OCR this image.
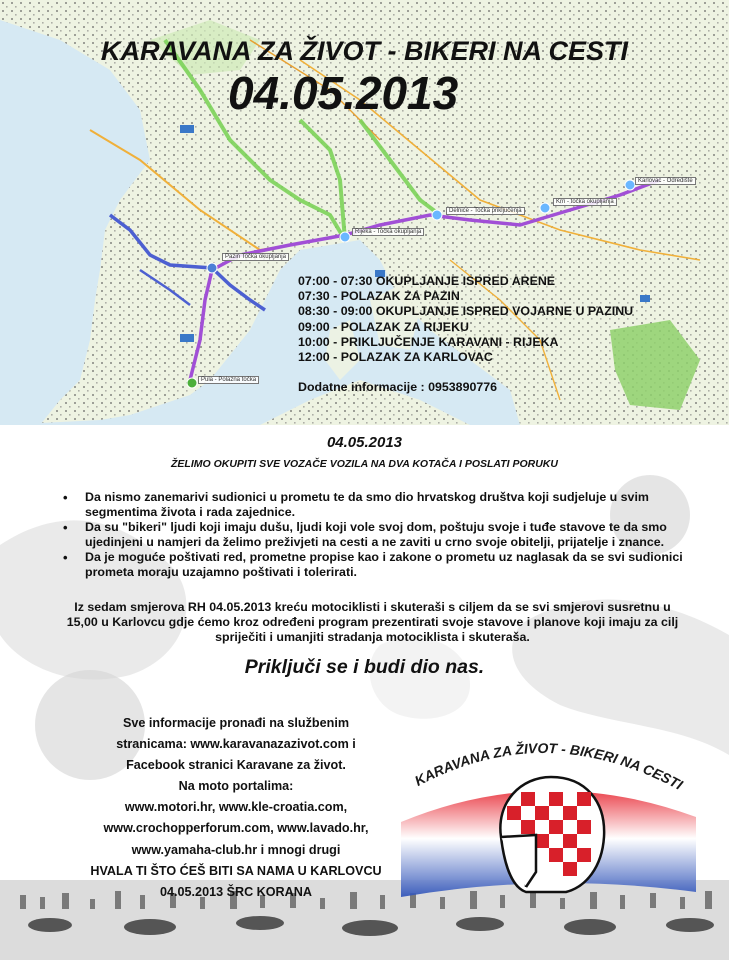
Karlovac - Odredište
Krn - točka okupljanja
Delnice - Točka priključenja
Rijeka - Točka okupljanja
Pazin Točka okupljanja
Pula - Polazna točka
KARAVANA ZA ŽIVOT - BIKERI NA CESTI
04.05.2013
07:00 - 07:30 OKUPLJANJE ISPRED ARENE
07:30 - POLAZAK ZA PAZIN
08:30 - 09:00 OKUPLJANJE ISPRED VOJARNE U PAZINU
09:00 - POLAZAK ZA RIJEKU
10:00 - PRIKLJUČENJE KARAVANI - RIJEKA
12:00 - POLAZAK ZA KARLOVAC
Dodatne informacije : 0953890776
04.05.2013
ŽELIMO OKUPITI SVE VOZAČE VOZILA NA DVA KOTAČA I POSLATI PORUKU
• Da nismo zanemarivi sudionici u prometu te da smo dio hrvatskog društva koji sudjeluje u svim segmentima života i rada zajednice.
• Da su "bikeri" ljudi koji imaju dušu, ljudi koji vole svoj dom, poštuju svoje i tuđe stavove te da smo ujedinjeni u namjeri da želimo preživjeti na cesti a ne zaviti u crno svoje obitelji, prijatelje i znance.
• Da je moguće poštivati red, prometne propise kao i zakone o prometu uz naglasak da se svi sudionici prometa moraju uzajamno poštivati i tolerirati.
Iz sedam smjerova RH 04.05.2013 kreću motociklisti i skuteraši s ciljem da se svi smjerovi susretnu u 15,00 u Karlovcu gdje ćemo kroz određeni program prezentirati svoje stavove i planove koji imaju za cilj spriječiti i umanjiti stradanja motociklista i skuteraša.
Priključi se i budi dio nas.
Sve informacije pronađi na službenim
stranicama: www.karavanazazivot.com i
Facebook stranici Karavane za život.
Na moto portalima:
www.motori.hr, www.kle-croatia.com,
www.crochopperforum.com, www.lavado.hr,
www.yamaha-club.hr i mnogi drugi
HVALA TI ŠTO ĆEŠ BITI SA NAMA U KARLOVCU
04.05.2013 ŠRC KORANA
KARAVANA ZA ŽIVOT - BIKERI NA CESTI
